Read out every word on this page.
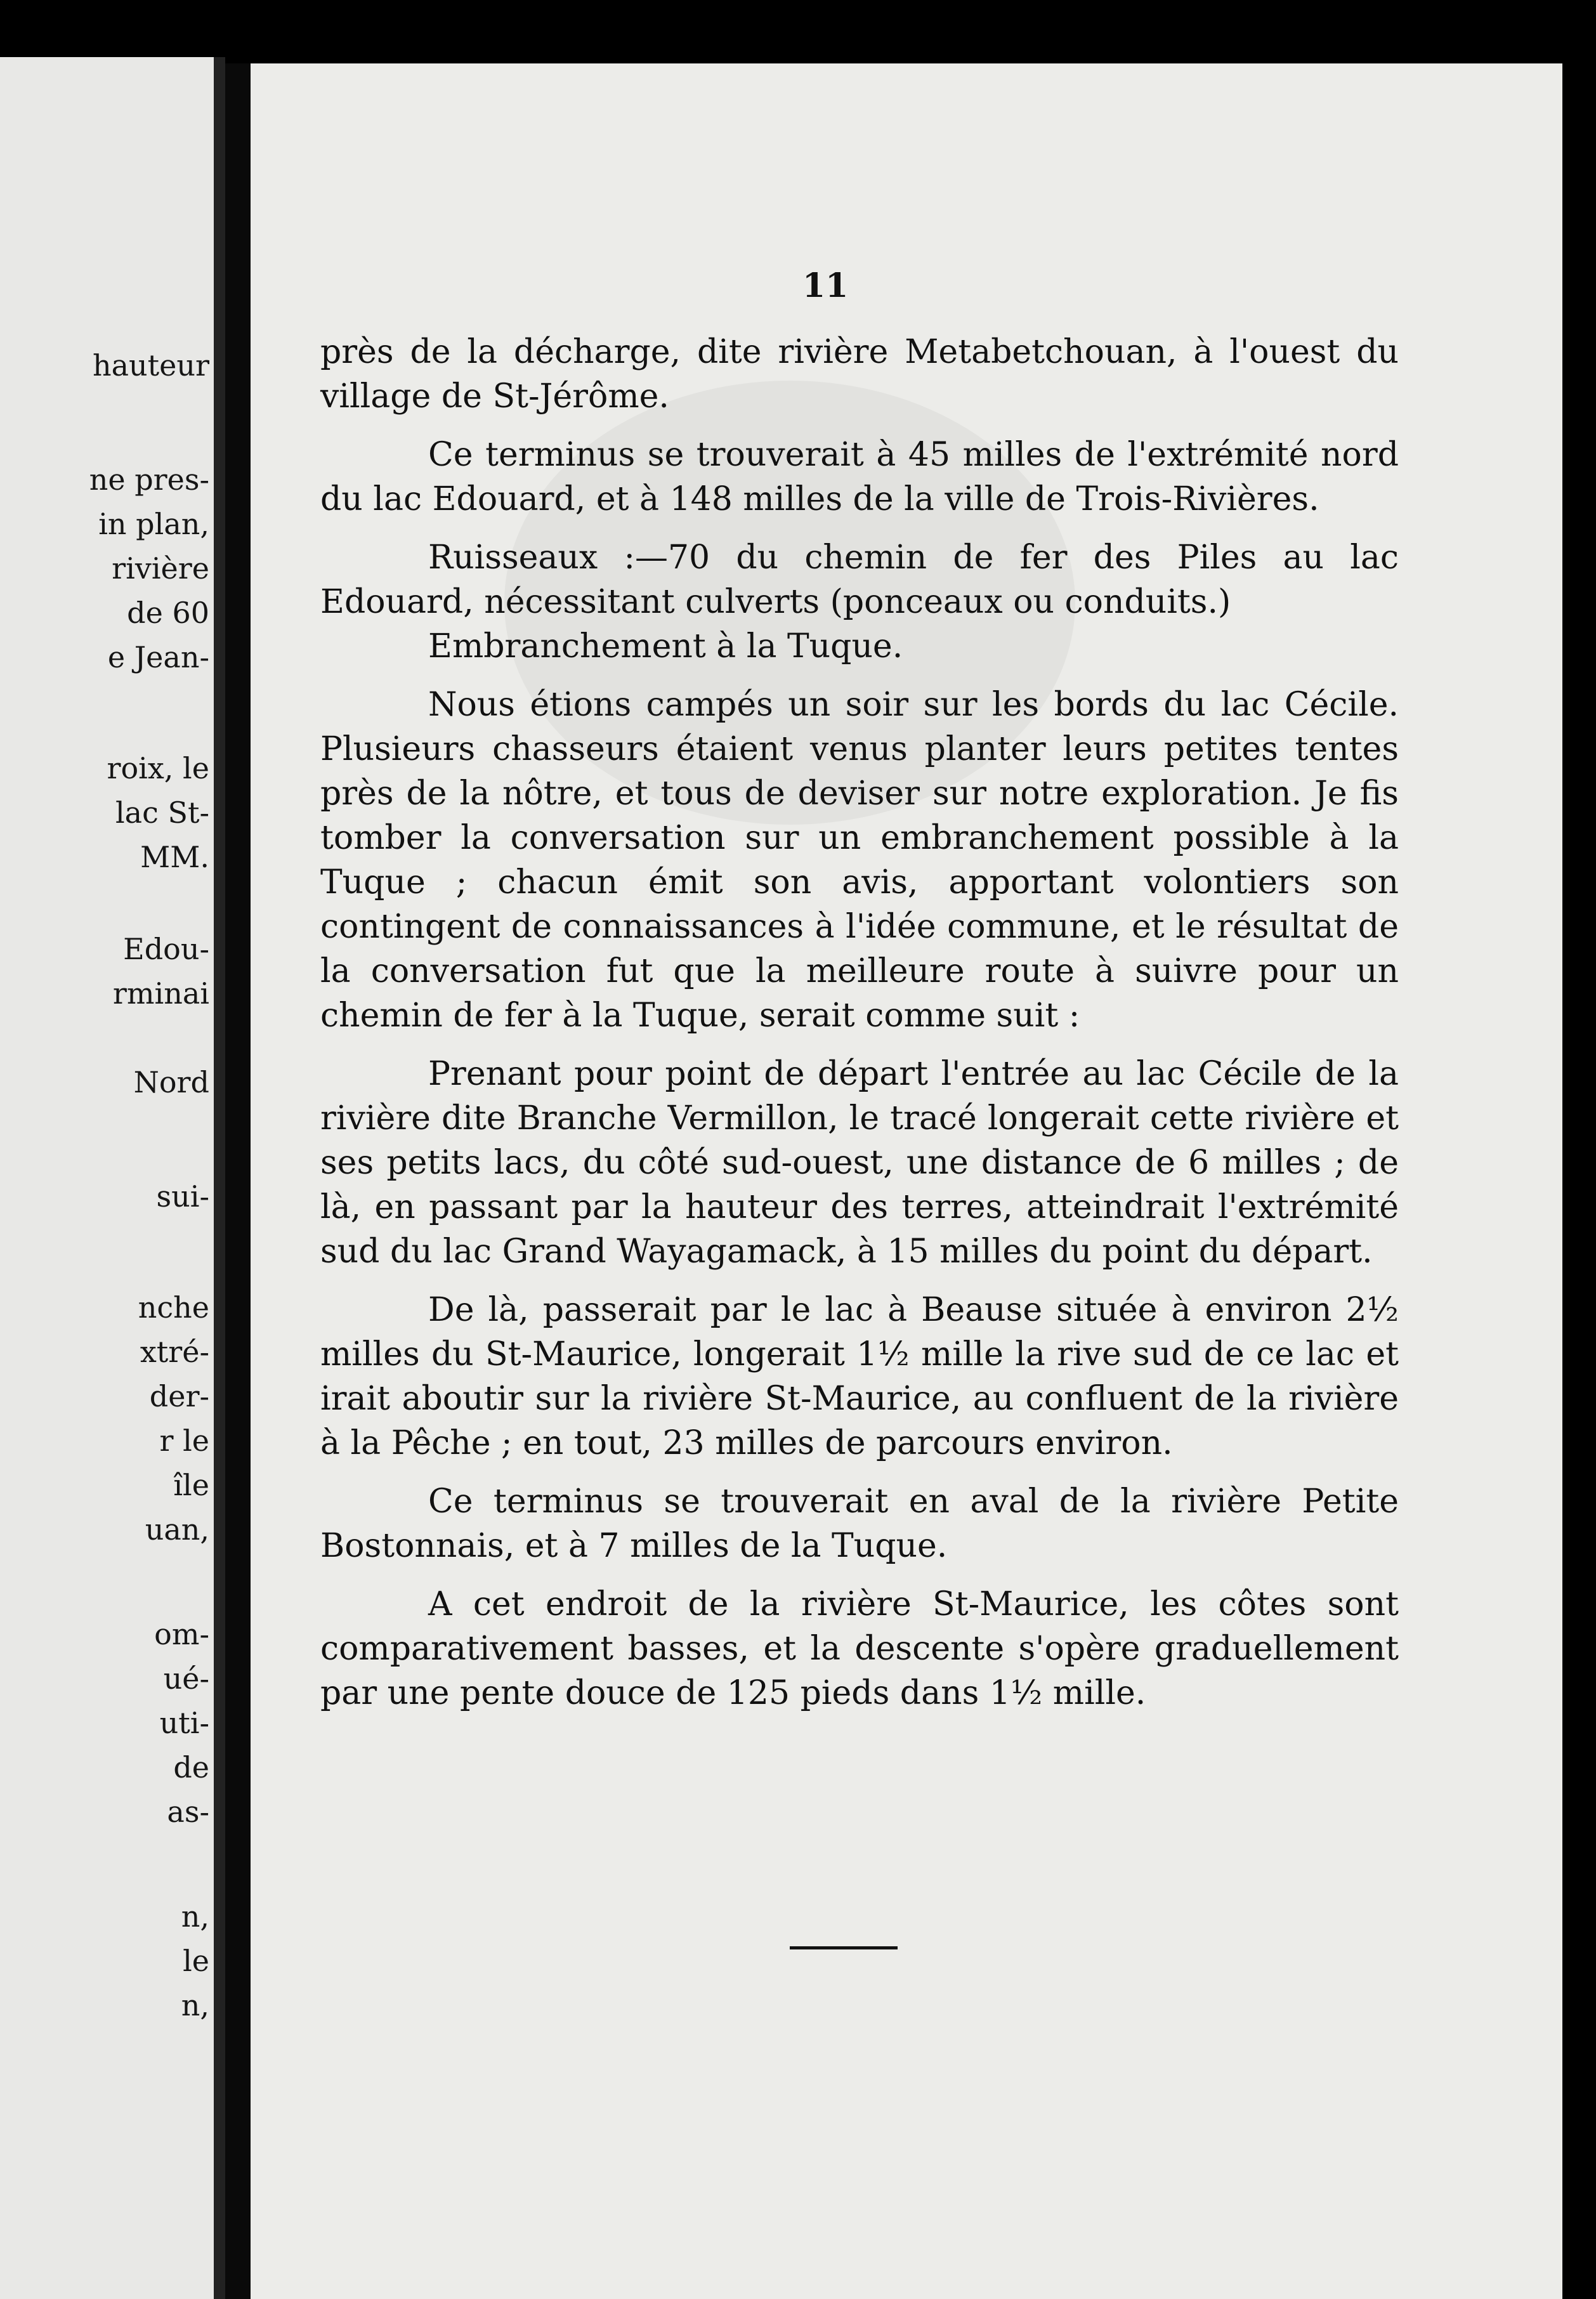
hauteur
ne pres-
in plan,
rivière
de 60
e Jean-
roix, le
lac St-
MM.
Edou-
rminai
Nord
sui-
nche
xtré-
der-
r le
île
uan,
om-
ué-
uti-
de
as-
n,
le
n,
11

près de la décharge, dite rivière Metabetchouan, à l'ouest du village de St-Jérôme.

Ce terminus se trouverait à 45 milles de l'extrémité nord du lac Edouard, et à 148 milles de la ville de Trois-Rivières.

Ruisseaux :—70 du chemin de fer des Piles au lac Edouard, nécessitant culverts (ponceaux ou conduits.)

Embranchement à la Tuque.

Nous étions campés un soir sur les bords du lac Cécile. Plusieurs chasseurs étaient venus planter leurs petites tentes près de la nôtre, et tous de deviser sur notre exploration. Je fis tomber la conversation sur un embranchement possible à la Tuque ; chacun émit son avis, apportant volontiers son contingent de connaissances à l'idée commune, et le résultat de la conversation fut que la meilleure route à suivre pour un chemin de fer à la Tuque, serait comme suit :

Prenant pour point de départ l'entrée au lac Cécile de la rivière dite Branche Vermillon, le tracé longerait cette rivière et ses petits lacs, du côté sud-ouest, une distance de 6 milles ; de là, en passant par la hauteur des terres, atteindrait l'extrémité sud du lac Grand Wayagamack, à 15 milles du point du départ.

De là, passerait par le lac à Beause située à environ 2½ milles du St-Maurice, longerait 1½ mille la rive sud de ce lac et irait aboutir sur la rivière St-Maurice, au confluent de la rivière à la Pêche ; en tout, 23 milles de parcours environ.

Ce terminus se trouverait en aval de la rivière Petite Bostonnais, et à 7 milles de la Tuque.

A cet endroit de la rivière St-Maurice, les côtes sont comparativement basses, et la descente s'opère graduellement par une pente douce de 125 pieds dans 1½ mille.
